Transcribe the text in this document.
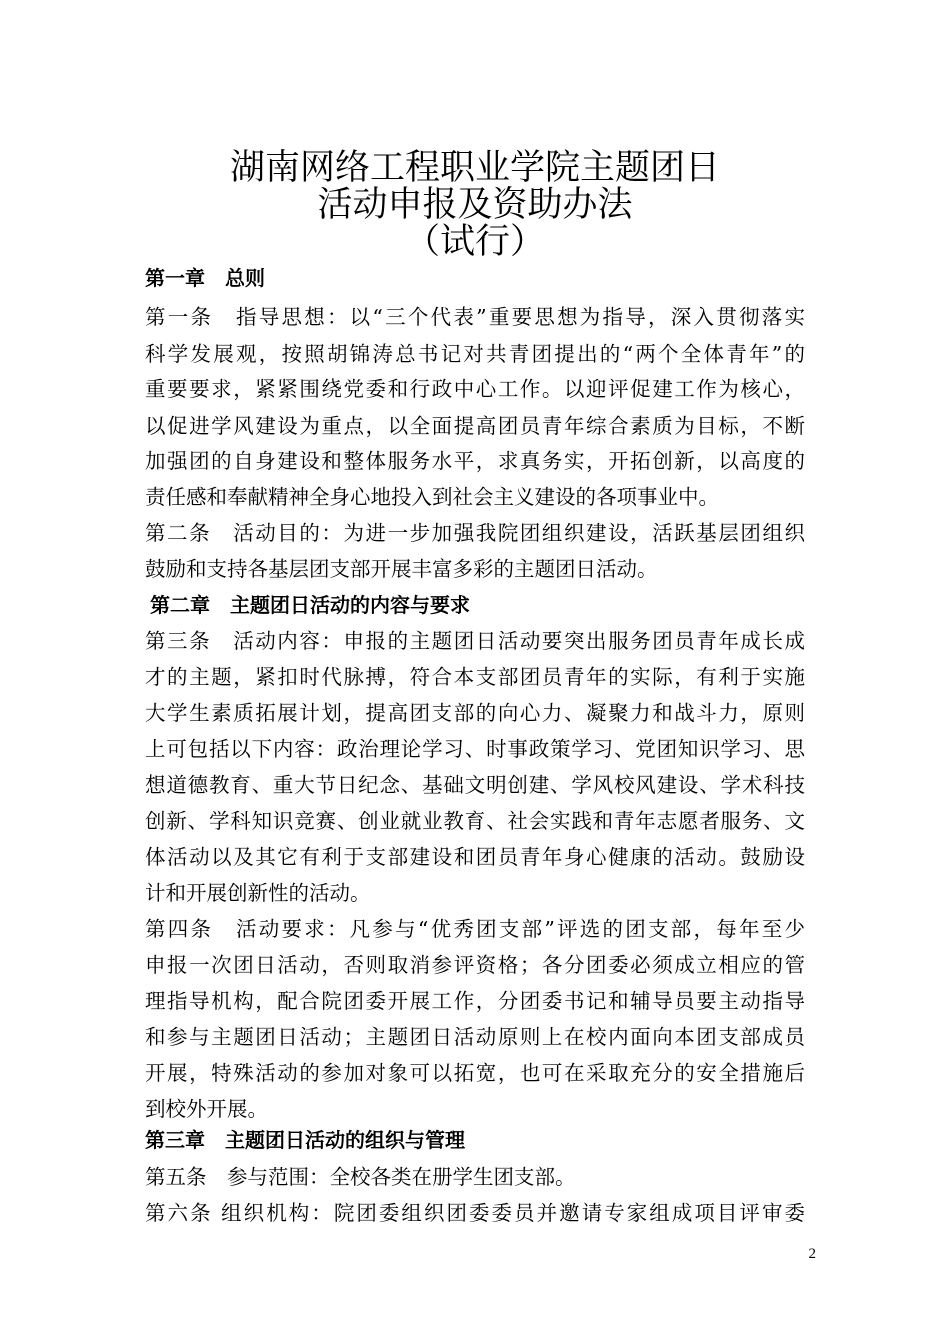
湖南网络工程职业学院主题团日
活动申报及资助办法
（试行）
第一章　总则
第一条　指导思想：以“三个代表”重要思想为指导，深入贯彻落实
科学发展观，按照胡锦涛总书记对共青团提出的“两个全体青年”的
重要要求，紧紧围绕党委和行政中心工作。以迎评促建工作为核心，
以促进学风建设为重点，以全面提高团员青年综合素质为目标，不断
加强团的自身建设和整体服务水平，求真务实，开拓创新，以高度的
责任感和奉献精神全身心地投入到社会主义建设的各项事业中。
第二条　活动目的：为进一步加强我院团组织建设，活跃基层团组织
鼓励和支持各基层团支部开展丰富多彩的主题团日活动。
第二章　主题团日活动的内容与要求
第三条　活动内容：申报的主题团日活动要突出服务团员青年成长成
才的主题，紧扣时代脉搏，符合本支部团员青年的实际，有利于实施
大学生素质拓展计划，提高团支部的向心力、凝聚力和战斗力，原则
上可包括以下内容：政治理论学习、时事政策学习、党团知识学习、思
想道德教育、重大节日纪念、基础文明创建、学风校风建设、学术科技
创新、学科知识竞赛、创业就业教育、社会实践和青年志愿者服务、文
体活动以及其它有利于支部建设和团员青年身心健康的活动。鼓励设
计和开展创新性的活动。
第四条　活动要求：凡参与“优秀团支部”评选的团支部，每年至少
申报一次团日活动，否则取消参评资格；各分团委必须成立相应的管
理指导机构，配合院团委开展工作，分团委书记和辅导员要主动指导
和参与主题团日活动；主题团日活动原则上在校内面向本团支部成员
开展，特殊活动的参加对象可以拓宽，也可在采取充分的安全措施后
到校外开展。
第三章　主题团日活动的组织与管理
第五条　参与范围：全校各类在册学生团支部。
第六条 组织机构：院团委组织团委委员并邀请专家组成项目评审委
2
